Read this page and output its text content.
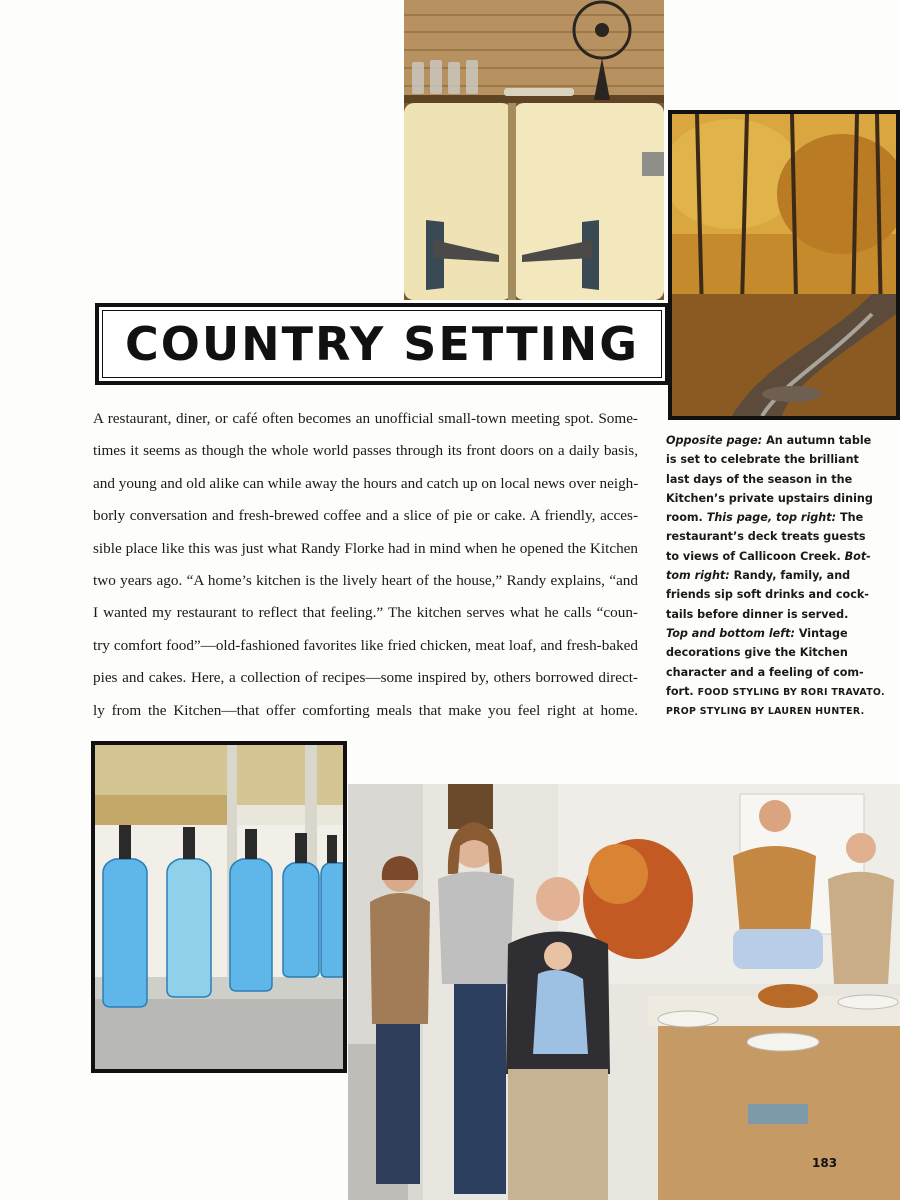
COUNTRY SETTING
A restaurant, diner, or café often becomes an unofficial small-town meeting spot. Some-
times it seems as though the whole world passes through its front doors on a daily basis,
and young and old alike can while away the hours and catch up on local news over neigh-
borly conversation and fresh-brewed coffee and a slice of pie or cake. A friendly, acces-
sible place like this was just what Randy Florke had in mind when he opened the Kitchen
two years ago. “A home’s kitchen is the lively heart of the house,” Randy explains, “and
I wanted my restaurant to reflect that feeling.” The kitchen serves what he calls “coun-
try comfort food”—old-fashioned favorites like fried chicken, meat loaf, and fresh-baked
pies and cakes. Here, a collection of recipes—some inspired by, others borrowed direct-
ly from the Kitchen—that offer comforting meals that make you feel right at home.
Opposite page: An autumn table
is set to celebrate the brilliant
last days of the season in the
Kitchen’s private upstairs dining
room. This page, top right: The
restaurant’s deck treats guests
to views of Callicoon Creek. Bot-
tom right: Randy, family, and
friends sip soft drinks and cock-
tails before dinner is served.
Top and bottom left: Vintage
decorations give the Kitchen
character and a feeling of com-
fort. FOOD STYLING BY RORI TRAVATO.
PROP STYLING BY LAUREN HUNTER.
183
